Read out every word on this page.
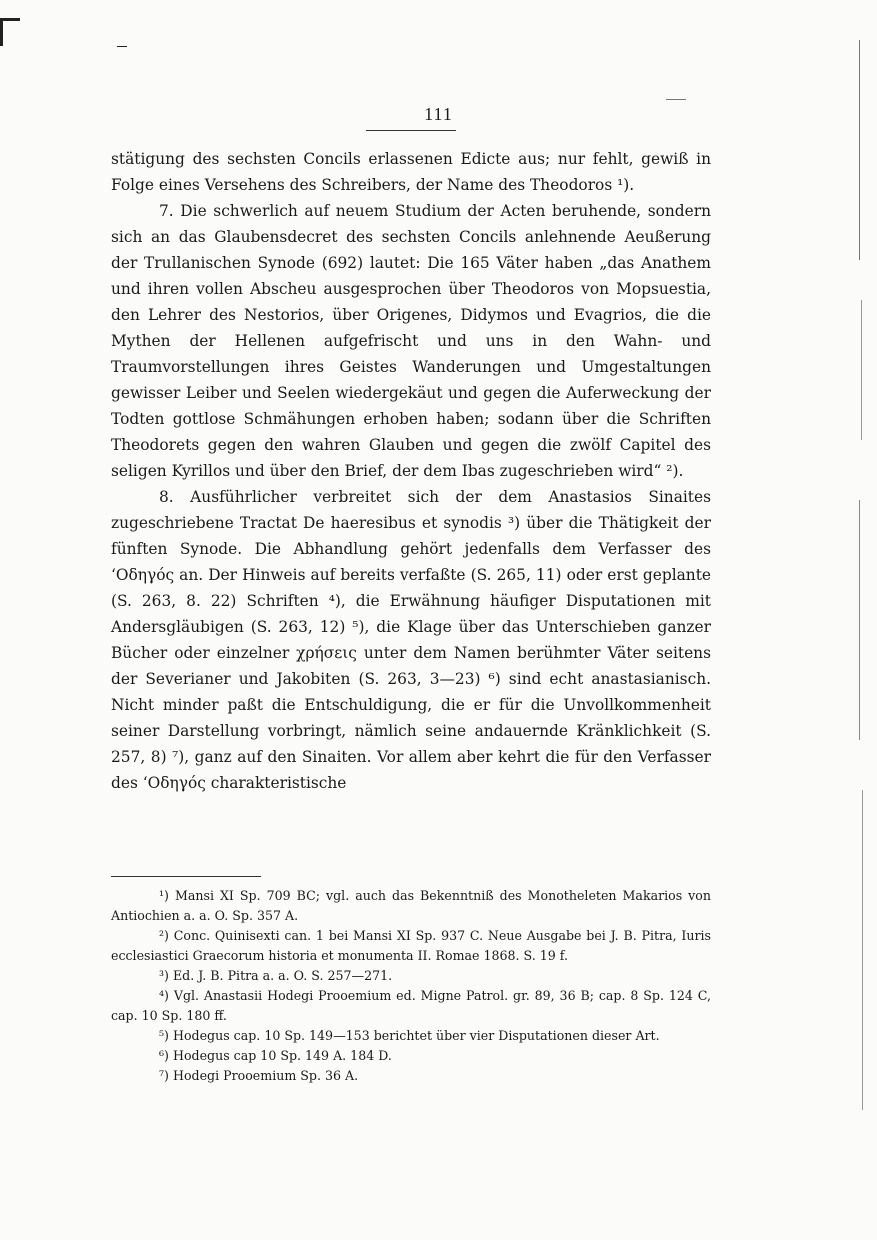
111

stätigung des sechsten Concils erlassenen Edicte aus; nur fehlt, gewiß in Folge eines Versehens des Schreibers, der Name des Theodoros ¹).

7. Die schwerlich auf neuem Studium der Acten beruhende, sondern sich an das Glaubensdecret des sechsten Concils anlehnende Aeußerung der Trullanischen Synode (692) lautet: Die 165 Väter haben „das Anathem und ihren vollen Abscheu ausgesprochen über Theodoros von Mopsuestia, den Lehrer des Nestorios, über Origenes, Didymos und Evagrios, die die Mythen der Hellenen aufgefrischt und uns in den Wahn- und Traumvorstellungen ihres Geistes Wanderungen und Umgestaltungen gewisser Leiber und Seelen wiedergekäut und gegen die Auferweckung der Todten gottlose Schmähungen erhoben haben; sodann über die Schriften Theodorets gegen den wahren Glauben und gegen die zwölf Capitel des seligen Kyrillos und über den Brief, der dem Ibas zugeschrieben wird“ ²).

8. Ausführlicher verbreitet sich der dem Anastasios Sinaites zugeschriebene Tractat De haeresibus et synodis ³) über die Thätigkeit der fünften Synode. Die Abhandlung gehört jedenfalls dem Verfasser des ‘Οδηγός an. Der Hinweis auf bereits verfaßte (S. 265, 11) oder erst geplante (S. 263, 8. 22) Schriften ⁴), die Erwähnung häufiger Disputationen mit Andersgläubigen (S. 263, 12) ⁵), die Klage über das Unterschieben ganzer Bücher oder einzelner χρήσεις unter dem Namen berühmter Väter seitens der Severianer und Jakobiten (S. 263, 3—23) ⁶) sind echt anastasianisch. Nicht minder paßt die Entschuldigung, die er für die Unvollkommenheit seiner Darstellung vorbringt, nämlich seine andauernde Kränklichkeit (S. 257, 8) ⁷), ganz auf den Sinaiten. Vor allem aber kehrt die für den Verfasser des ‘Οδηγός charakteristische

¹) Mansi XI Sp. 709 BC; vgl. auch das Bekenntniß des Monotheleten Makarios von Antiochien a. a. O. Sp. 357 A.

²) Conc. Quinisexti can. 1 bei Mansi XI Sp. 937 C. Neue Ausgabe bei J. B. Pitra, Iuris ecclesiastici Graecorum historia et monumenta II. Romae 1868. S. 19 f.

³) Ed. J. B. Pitra a. a. O. S. 257—271.

⁴) Vgl. Anastasii Hodegi Prooemium ed. Migne Patrol. gr. 89, 36 B; cap. 8 Sp. 124 C, cap. 10 Sp. 180 ff.

⁵) Hodegus cap. 10 Sp. 149—153 berichtet über vier Disputationen dieser Art.

⁶) Hodegus cap 10 Sp. 149 A. 184 D.

⁷) Hodegi Prooemium Sp. 36 A.
